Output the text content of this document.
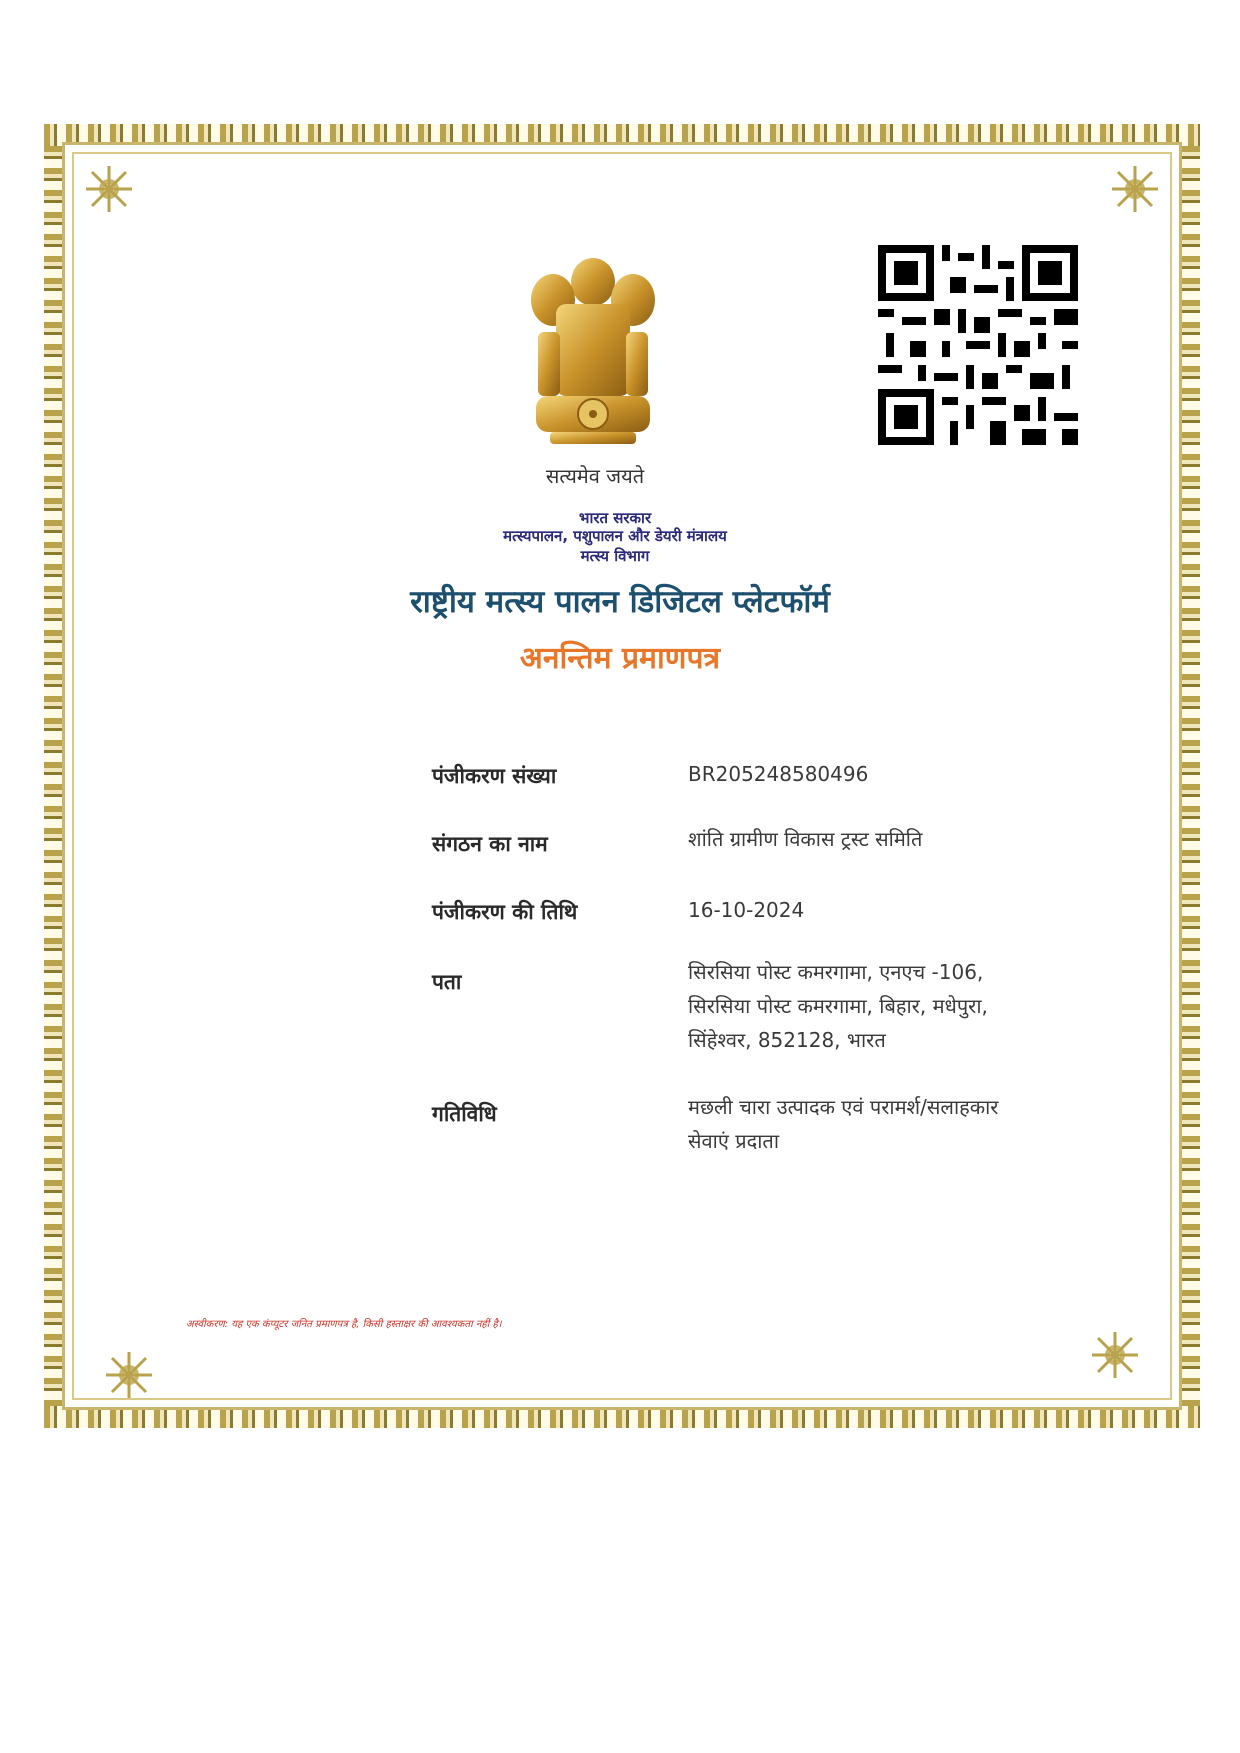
सत्यमेव जयते
भारत सरकार
मत्स्यपालन, पशुपालन और डेयरी मंत्रालय
मत्स्य विभाग
राष्ट्रीय मत्स्य पालन डिजिटल प्लेटफॉर्म
अनन्तिम प्रमाणपत्र
पंजीकरण संख्या	BR205248580496
संगठन का नाम	शांति ग्रामीण विकास ट्रस्ट समिति
पंजीकरण की तिथि	16-10-2024
पता	सिरसिया पोस्ट कमरगामा, एनएच -106,
सिरसिया पोस्ट कमरगामा, बिहार, मधेपुरा,
सिंहेश्वर, 852128, भारत
गतिविधि	मछली चारा उत्पादक एवं परामर्श/सलाहकार
सेवाएं प्रदाता
अस्वीकरण: यह एक कंप्यूटर जनित प्रमाणपत्र है, किसी हस्ताक्षर की आवश्यकता नहीं है।
